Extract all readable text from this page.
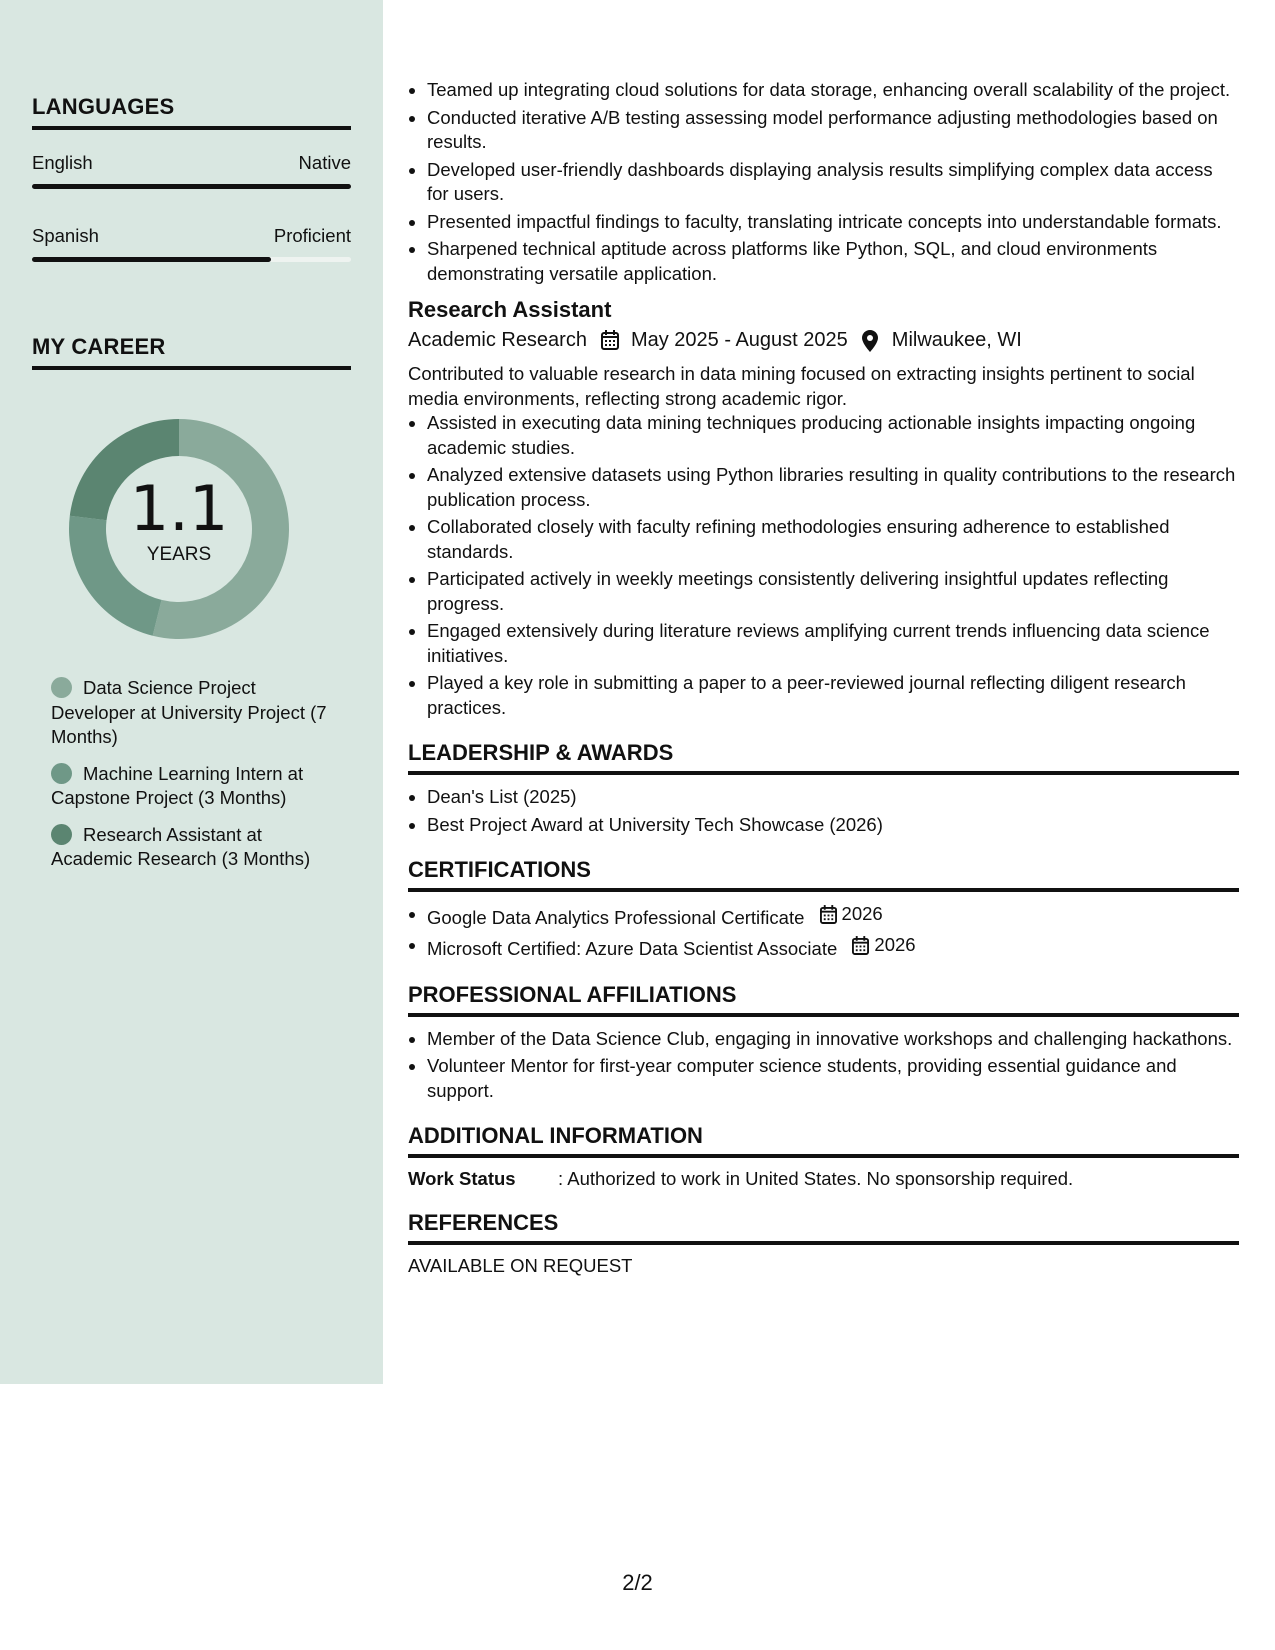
LANGUAGES
English	Native
Spanish	Proficient
MY CAREER
1.1
YEARS
Data Science Project Developer at University Project (7 Months)
Machine Learning Intern at Capstone Project (3 Months)
Research Assistant at Academic Research (3 Months)
Teamed up integrating cloud solutions for data storage, enhancing overall scalability of the project.
Conducted iterative A/B testing assessing model performance adjusting methodologies based on results.
Developed user-friendly dashboards displaying analysis results simplifying complex data access for users.
Presented impactful findings to faculty, translating intricate concepts into understandable formats.
Sharpened technical aptitude across platforms like Python, SQL, and cloud environments demonstrating versatile application.
Research Assistant
Academic Research May 2025 - August 2025 Milwaukee, WI
Contributed to valuable research in data mining focused on extracting insights pertinent to social media environments, reflecting strong academic rigor.
Assisted in executing data mining techniques producing actionable insights impacting ongoing academic studies.
Analyzed extensive datasets using Python libraries resulting in quality contributions to the research publication process.
Collaborated closely with faculty refining methodologies ensuring adherence to established standards.
Participated actively in weekly meetings consistently delivering insightful updates reflecting progress.
Engaged extensively during literature reviews amplifying current trends influencing data science initiatives.
Played a key role in submitting a paper to a peer-reviewed journal reflecting diligent research practices.
LEADERSHIP & AWARDS
Dean's List (2025)
Best Project Award at University Tech Showcase (2026)
CERTIFICATIONS
Google Data Analytics Professional Certificate 2026
Microsoft Certified: Azure Data Scientist Associate 2026
PROFESSIONAL AFFILIATIONS
Member of the Data Science Club, engaging in innovative workshops and challenging hackathons.
Volunteer Mentor for first-year computer science students, providing essential guidance and support.
ADDITIONAL INFORMATION
Work Status	: Authorized to work in United States. No sponsorship required.
REFERENCES
AVAILABLE ON REQUEST
2/2
